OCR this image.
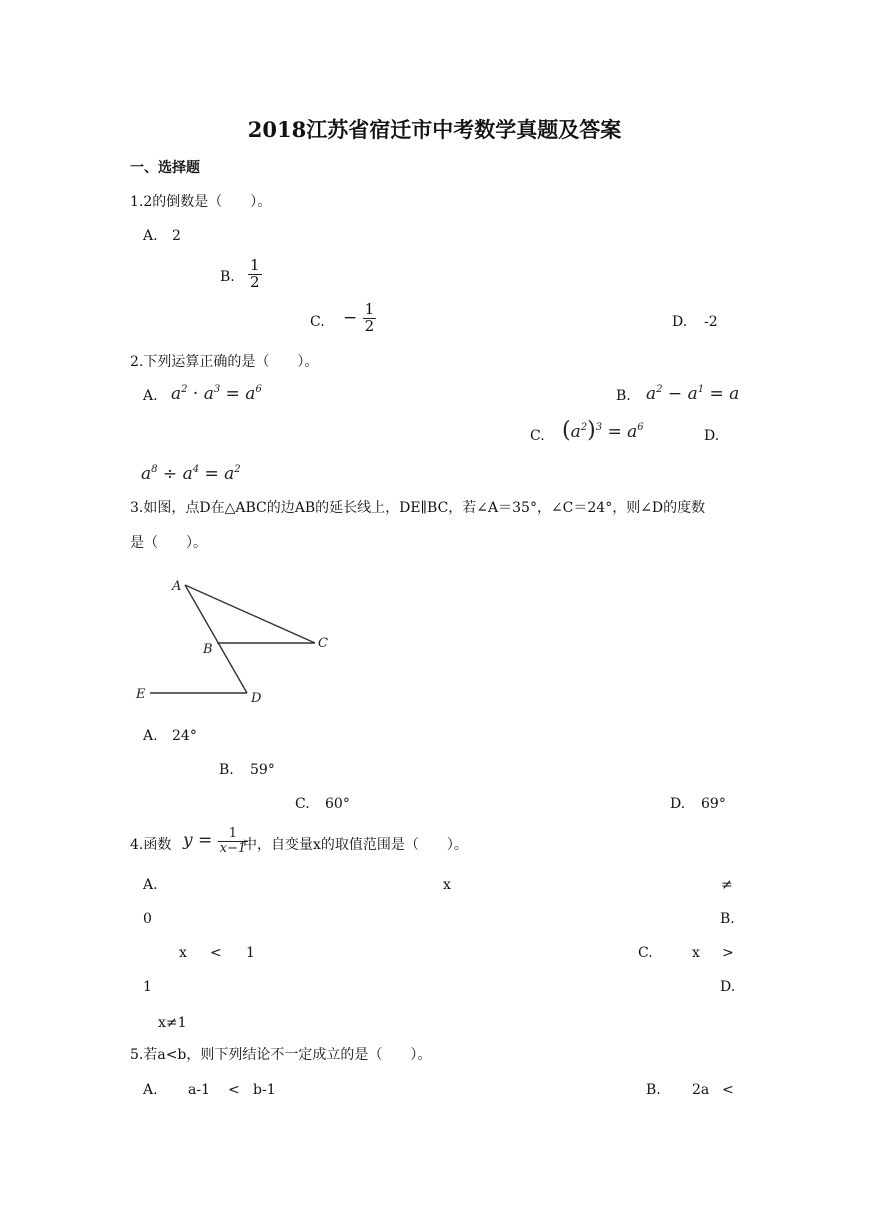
2018江苏省宿迁市中考数学真题及答案
一、选择题
1.2的倒数是（　　）。
A. 2
B. $\frac{1}{2}$
C. − $\frac{1}{2}$	D. -2
2.下列运算正确的是（　　）。
A. $a^2 \cdot a^3 = a^6$	B. $a^2 - a^1 = a$
C. $(a^2)^3 = a^6$
D.
$a^8 \div a^4 = a^2$
3.如图，点D在△ABC的边AB的延长线上，DE∥BC，若∠A＝35°，∠C＝24°，则∠D的度数
是（　　）。
A
B	C
D
E
A. 24°
B. 59°
C. 60°	D. 69°
4.函数 $y = \frac{1}{x-1}$
中，自变量x的取值范围是（　　）。
A.	x	≠
0	B.
x < 1	C.	x >
1	D.
x≠1
5.若a<b，则下列结论不一定成立的是（　　）。
A. a-1 < b-1	B. 2a <
